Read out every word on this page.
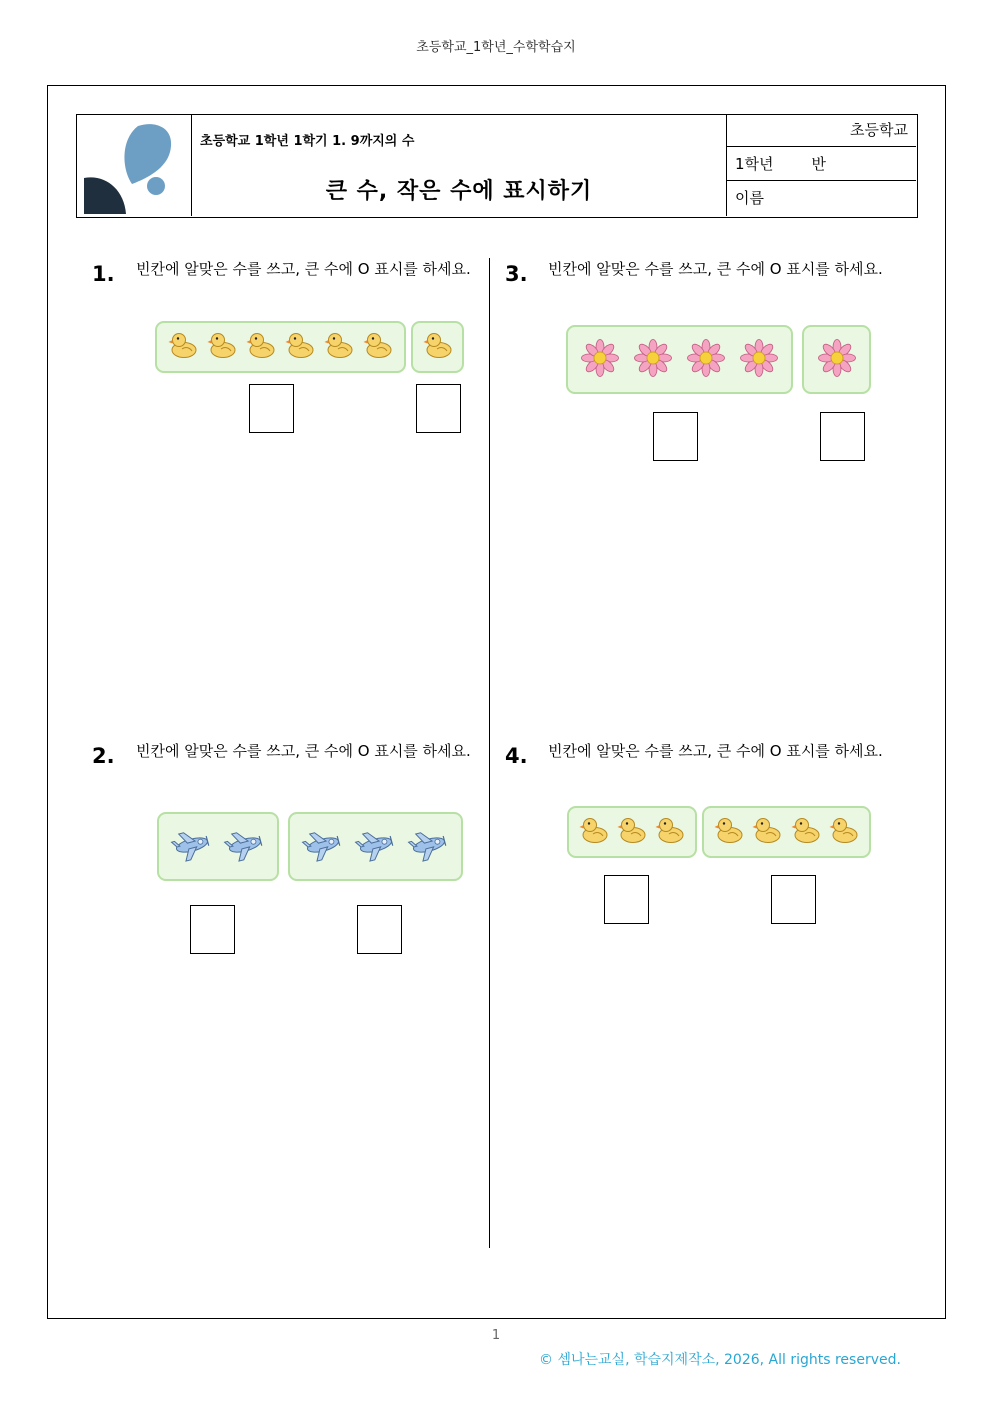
초등학교_1학년_수학학습지
초등학교 1학년 1학기 1. 9까지의 수
큰 수, 작은 수에 표시하기
초등학교
1학년	반
이름
1. 빈칸에 알맞은 수를 쓰고, 큰 수에 O 표시를 하세요.	3. 빈칸에 알맞은 수를 쓰고, 큰 수에 O 표시를 하세요.
2. 빈칸에 알맞은 수를 쓰고, 큰 수에 O 표시를 하세요.	4. 빈칸에 알맞은 수를 쓰고, 큰 수에 O 표시를 하세요.
1
© 셈나는교실, 학습지제작소, 2026, All rights reserved.
